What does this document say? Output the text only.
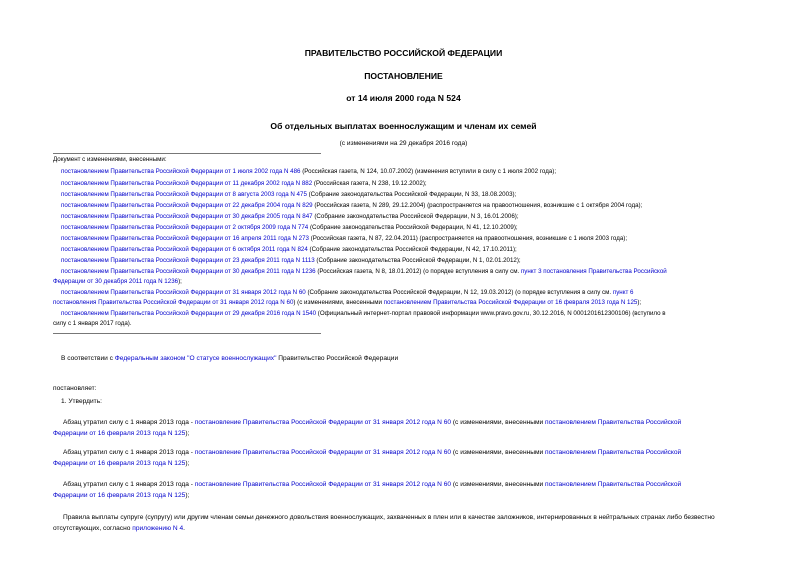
ПРАВИТЕЛЬСТВО РОССИЙСКОЙ ФЕДЕРАЦИИ
ПОСТАНОВЛЕНИЕ
от 14 июля 2000 года N 524
Об отдельных выплатах военнослужащим и членам их семей
(с изменениями на 29 декабря 2016 года)
Документ с изменениями, внесенными:
постановлением Правительства Российской Федерации от 1 июля 2002 года N 486 (Российская газета, N 124, 10.07.2002) (изменения вступили в силу с 1 июля 2002 года);
постановлением Правительства Российской Федерации от 11 декабря 2002 года N 882 (Российская газета, N 238, 19.12.2002);
постановлением Правительства Российской Федерации от 8 августа 2003 года N 475 (Собрание законодательства Российской Федерации, N 33, 18.08.2003);
постановлением Правительства Российской Федерации от 22 декабря 2004 года N 829 (Российская газета, N 289, 29.12.2004) (распространяется на правоотношения, возникшие с 1 октября 2004 года);
постановлением Правительства Российской Федерации от 30 декабря 2005 года N 847 (Собрание законодательства Российской Федерации, N 3, 16.01.2006);
постановлением Правительства Российской Федерации от 2 октября 2009 года N 774 (Собрание законодательства Российской Федерации, N 41, 12.10.2009);
постановлением Правительства Российской Федерации от 16 апреля 2011 года N 273 (Российская газета, N 87, 22.04.2011) (распространяется на правоотношения, возникшие с 1 июля 2003 года);
постановлением Правительства Российской Федерации от 6 октября 2011 года N 824 (Собрание законодательства Российской Федерации, N 42, 17.10.2011);
постановлением Правительства Российской Федерации от 23 декабря 2011 года N 1113 (Собрание законодательства Российской Федерации, N 1, 02.01.2012);
постановлением Правительства Российской Федерации от 30 декабря 2011 года N 1236 (Российская газета, N 8, 18.01.2012) (о порядке вступления в силу см. пункт 3 постановления Правительства Российской
Федерации от 30 декабря 2011 года N 1236);
постановлением Правительства Российской Федерации от 31 января 2012 года N 60 (Собрание законодательства Российской Федерации, N 12, 19.03.2012) (о порядке вступления в силу см. пункт 6
постановления Правительства Российской Федерации от 31 января 2012 года N 60) (с изменениями, внесенными постановлением Правительства Российской Федерации от 16 февраля 2013 года N 125);
постановлением Правительства Российской Федерации от 29 декабря 2016 года N 1540 (Официальный интернет-портал правовой информации www.pravo.gov.ru, 30.12.2016, N 0001201612300106) (вступило в
силу с 1 января 2017 года).
В соответствии с Федеральным законом "О статусе военнослужащих" Правительство Российской Федерации
постановляет:
1. Утвердить:
Абзац утратил силу с 1 января 2013 года - постановление Правительства Российской Федерации от 31 января 2012 года N 60 (с изменениями, внесенными постановлением Правительства Российской
Федерации от 16 февраля 2013 года N 125);
Абзац утратил силу с 1 января 2013 года - постановление Правительства Российской Федерации от 31 января 2012 года N 60 (с изменениями, внесенными постановлением Правительства Российской
Федерации от 16 февраля 2013 года N 125);
Абзац утратил силу с 1 января 2013 года - постановление Правительства Российской Федерации от 31 января 2012 года N 60 (с изменениями, внесенными постановлением Правительства Российской
Федерации от 16 февраля 2013 года N 125);
Правила выплаты супруге (супругу) или другим членам семьи денежного довольствия военнослужащих, захваченных в плен или в качестве заложников, интернированных в нейтральных странах либо безвестно
отсутствующих, согласно приложению N 4.
